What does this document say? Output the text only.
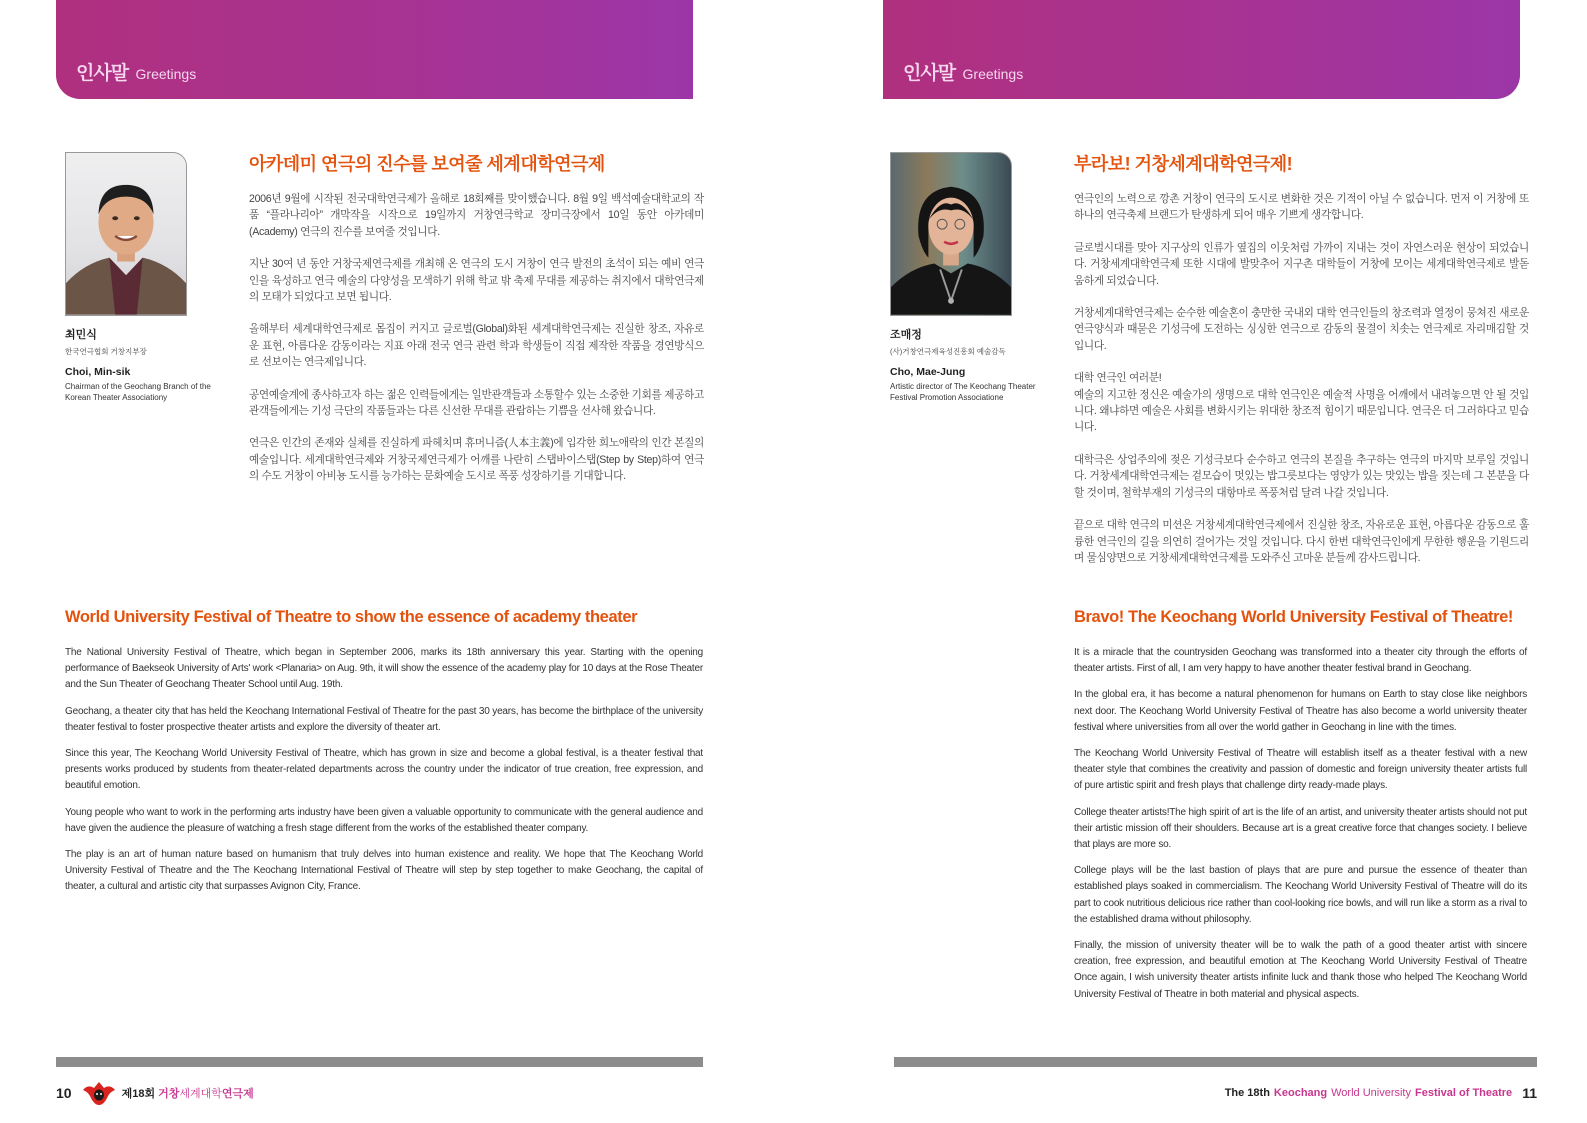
인사말 Greetings
최민식
한국연극협회 거창지부장
Choi, Min-sik
Chairman of the Geochang Branch of the Korean Theater Associationy
아카데미 연극의 진수를 보여줄 세계대학연극제

2006년 9월에 시작된 전국대학연극제가 올해로 18회째를 맞이했습니다. 8월 9일 백석예술대학교의 작품 “플라나리아” 개막작을 시작으로 19일까지 거창연극학교 장미극장에서 10일 동안 아카데미(Academy) 연극의 진수를 보여줄 것입니다.

지난 30여 년 동안 거창국제연극제를 개최해 온 연극의 도시 거창이 연극 발전의 초석이 되는 예비 연극인을 육성하고 연극 예술의 다양성을 모색하기 위해 학교 밖 축제 무대를 제공하는 취지에서 대학연극제의 모태가 되었다고 보면 됩니다.

올해부터 세계대학연극제로 몸집이 커지고 글로벌(Global)화된 세계대학연극제는 진실한 창조, 자유로운 표현, 아름다운 감동이라는 지표 아래 전국 연극 관련 학과 학생들이 직접 제작한 작품을 경연방식으로 선보이는 연극제입니다.

공연예술계에 종사하고자 하는 젊은 인력들에게는 일반관객들과 소통할수 있는 소중한 기회를 제공하고 관객들에게는 기성 극단의 작품들과는 다른 신선한 무대를 관람하는 기쁨을 선사해 왔습니다.

연극은 인간의 존재와 실체를 진실하게 파헤치며 휴머니즘(人本主義)에 입각한 희노애락의 인간 본질의 예술입니다. 세계대학연극제와 거창국제연극제가 어깨를 나란히 스탭바이스탭(Step by Step)하여 연극의 수도 거창이 아비뇽 도시를 능가하는 문화예술 도시로 폭풍 성장하기를 기대합니다.

World University Festival of Theatre to show the essence of academy theater

The National University Festival of Theatre, which began in September 2006, marks its 18th anniversary this year. Starting with the opening performance of Baekseok University of Arts' work <Planaria> on Aug. 9th, it will show the essence of the academy play for 10 days at the Rose Theater and the Sun Theater of Geochang Theater School until Aug. 19th.

Geochang, a theater city that has held the Keochang International Festival of Theatre for the past 30 years, has become the birthplace of the university theater festival to foster prospective theater artists and explore the diversity of theater art.

Since this year, The Keochang World University Festival of Theatre, which has grown in size and become a global festival, is a theater festival that presents works produced by students from theater-related departments across the country under the indicator of true creation, free expression, and beautiful emotion.

Young people who want to work in the performing arts industry have been given a valuable opportunity to communicate with the general audience and have given the audience the pleasure of watching a fresh stage different from the works of the established theater company.

The play is an art of human nature based on humanism that truly delves into human existence and reality. We hope that The Keochang World University Festival of Theatre and the The Keochang International Festival of Theatre will step by step together to make Geochang, the capital of theater, a cultural and artistic city that surpasses Avignon City, France.

10	제18회 거창 세계대학 연극제
인사말 Greetings
조매정
(사)거창연극제육성진흥회 예술감독
Cho, Mae-Jung
Artistic director of The Keochang Theater Festival Promotion Associatione
부라보! 거창세계대학연극제!

연극인의 노력으로 깡촌 거창이 연극의 도시로 변화한 것은 기적이 아닐 수 없습니다. 먼저 이 거창에 또 하나의 연극축제 브랜드가 탄생하게 되어 매우 기쁘게 생각합니다.

글로벌시대를 맞아 지구상의 인류가 옆집의 이웃처럼 가까이 지내는 것이 자연스러운 현상이 되었습니다. 거창세계대학연극제 또한 시대에 발맞추어 지구촌 대학들이 거창에 모이는 세계대학연극제로 발돋움하게 되었습니다.

거창세계대학연극제는 순수한 예술혼이 충만한 국내외 대학 연극인들의 창조력과 열정이 뭉쳐진 새로운 연극양식과 때묻은 기성극에 도전하는 싱싱한 연극으로 감동의 물결이 치솟는 연극제로 자리매김할 것입니다.

대학 연극인 여러분!
예술의 지고한 정신은 예술가의 생명으로 대학 연극인은 예술적 사명을 어깨에서 내려놓으면 안 될 것입니다. 왜냐하면 예술은 사회를 변화시키는 위대한 창조적 힘이기 때문입니다. 연극은 더 그러하다고 믿습니다.

대학극은 상업주의에 젖은 기성극보다 순수하고 연극의 본질을 추구하는 연극의 마지막 보루일 것입니다. 거창세계대학연극제는 겉모습이 멋있는 밥그릇보다는 영양가 있는 맛있는 밥을 짓는데 그 본분을 다할 것이며, 철학부재의 기성극의 대항마로 폭풍처럼 달려 나갈 것입니다.

끝으로 대학 연극의 미션은 거창세계대학연극제에서 진실한 창조, 자유로운 표현, 아름다운 감동으로 훌륭한 연극인의 길을 의연히 걸어가는 것일 것입니다. 다시 한번 대학연극인에게 무한한 행운을 기원드리며 물심양면으로 거창세계대학연극제를 도와주신 고마운 분들께 감사드립니다.

Bravo! The Keochang World University Festival of Theatre!

It is a miracle that the countrysiden Geochang was transformed into a theater city through the efforts of theater artists. First of all, I am very happy to have another theater festival brand in Geochang.

In the global era, it has become a natural phenomenon for humans on Earth to stay close like neighbors next door. The Keochang World University Festival of Theatre has also become a world university theater festival where universities from all over the world gather in Geochang in line with the times.

The Keochang World University Festival of Theatre will establish itself as a theater festival with a new theater style that combines the creativity and passion of domestic and foreign university theater artists full of pure artistic spirit and fresh plays that challenge dirty ready-made plays.

College theater artists!The high spirit of art is the life of an artist, and university theater artists should not put their artistic mission off their shoulders. Because art is a great creative force that changes society. I believe that plays are more so.

College plays will be the last bastion of plays that are pure and pursue the essence of theater than established plays soaked in commercialism. The Keochang World University Festival of Theatre will do its part to cook nutritious delicious rice rather than cool-looking rice bowls, and will run like a storm as a rival to the established drama without philosophy.

Finally, the mission of university theater will be to walk the path of a good theater artist with sincere creation, free expression, and beautiful emotion at The Keochang World University Festival of Theatre Once again, I wish university theater artists infinite luck and thank those who helped The Keochang World University Festival of Theatre in both material and physical aspects.

The 18th Keochang World University Festival of Theatre 11
